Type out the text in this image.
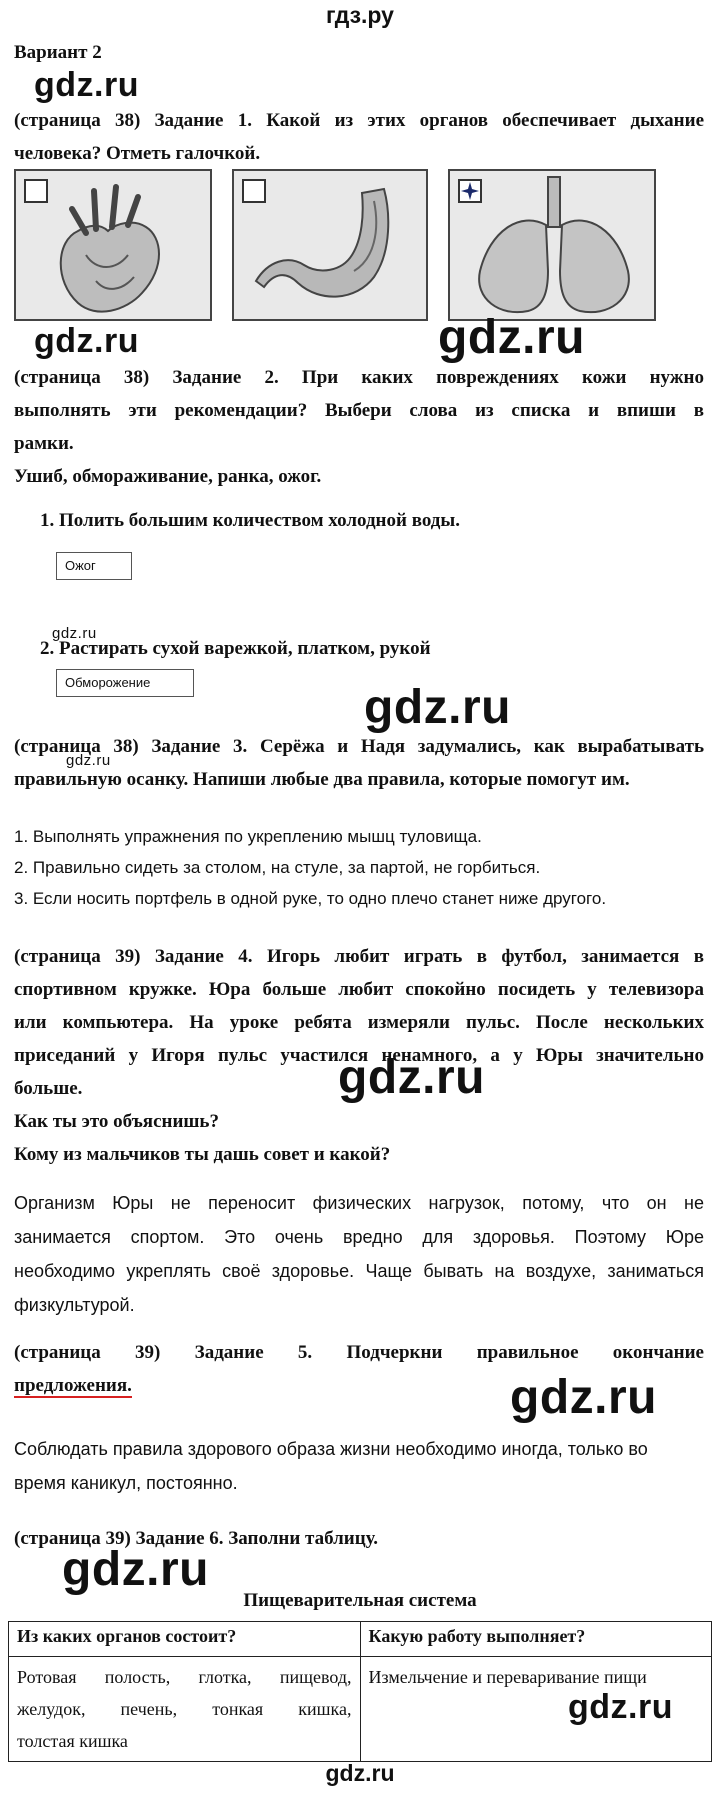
гдз.ру
Вариант 2
gdz.ru
(страница 38) Задание 1. Какой из этих органов обеспечивает дыхание
человека? Отметь галочкой.
gdz.ru	gdz.ru
(страница 38) Задание 2. При каких повреждениях кожи нужно
выполнять эти рекомендации? Выбери слова из списка и впиши в
рамки.
Ушиб, обмораживание, ранка, ожог.
1. Полить большим количеством холодной воды.
Ожог
gdz.ru
2. Растирать сухой варежкой, платком, рукой
Обморожение	gdz.ru
(страница 38) Задание 3. Серёжа и Надя задумались, как вырабатывать
правильную осанку. Напиши любые два правила, которые помогут им.
gdz.ru
1. Выполнять упражнения по укреплению мышц туловища.
2. Правильно сидеть за столом, на стуле, за партой, не горбиться.
3. Если носить портфель в одной руке, то одно плечо станет ниже другого.
(страница 39) Задание 4. Игорь любит играть в футбол, занимается в
спортивном кружке. Юра больше любит спокойно посидеть у телевизора
или компьютера. На уроке ребята измеряли пульс. После нескольких
приседаний у Игоря пульс участился ненамного, а у Юры значительно
больше.
Как ты это объяснишь?
Кому из мальчиков ты дашь совет и какой?
gdz.ru
Организм Юры не переносит физических нагрузок, потому, что он не
занимается спортом. Это очень вредно для здоровья. Поэтому Юре
необходимо укреплять своё здоровье. Чаще бывать на воздухе, заниматься
физкультурой.
(страница 39) Задание 5. Подчеркни правильное окончание
предложения.	gdz.ru
Соблюдать правила здорового образа жизни необходимо иногда, только во
время каникул, постоянно.
(страница 39) Задание 6. Заполни таблицу.
gdz.ru
Пищеварительная система
Из каких органов состоит?	Какую работу выполняет?

Ротовая полость, глотка, пищевод,
желудок, печень, тонкая кишка,
толстая кишка	Измельчение и переваривание пищи
gdz.ru
gdz.ru
